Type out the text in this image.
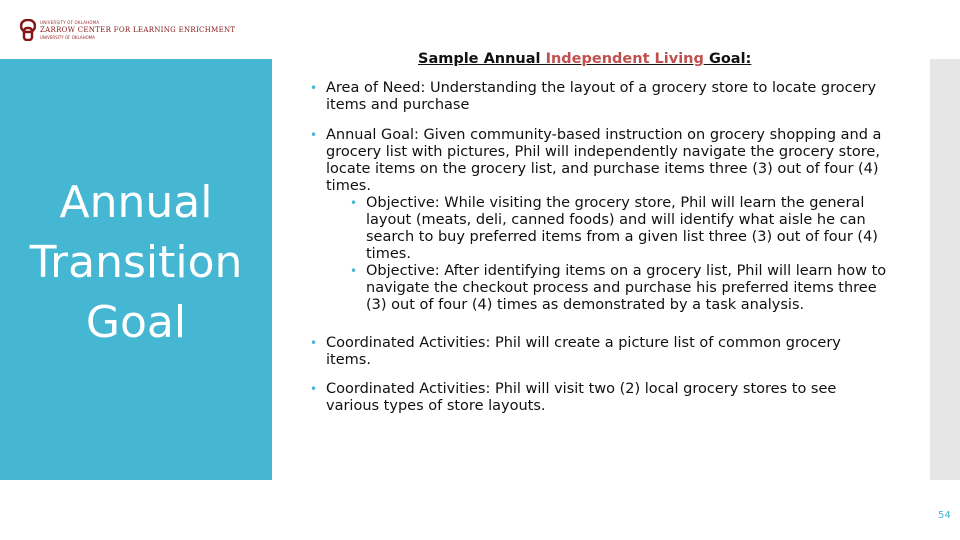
UNIVERSITY OF OKLAHOMA
ZARROW CENTER FOR LEARNING ENRICHMENT
UNIVERSITY OF OKLAHOMA
Annual
Transition
Goal
Sample Annual Independent Living Goal:
• Area of Need: Understanding the layout of a grocery store to locate grocery items and purchase
• Annual Goal: Given community-based instruction on grocery shopping and a grocery list with pictures, Phil will independently navigate the grocery store, locate items on the grocery list, and purchase items three (3) out of four (4) times.
• Objective: While visiting the grocery store, Phil will learn the general layout (meats, deli, canned foods) and will identify what aisle he can search to buy preferred items from a given list three (3) out of four (4) times.
• Objective: After identifying items on a grocery list, Phil will learn how to navigate the checkout process and purchase his preferred items three (3) out of four (4) times as demonstrated by a task analysis.
• Coordinated Activities: Phil will create a picture list of common grocery items.
• Coordinated Activities: Phil will visit two (2) local grocery stores to see various types of store layouts.
54
